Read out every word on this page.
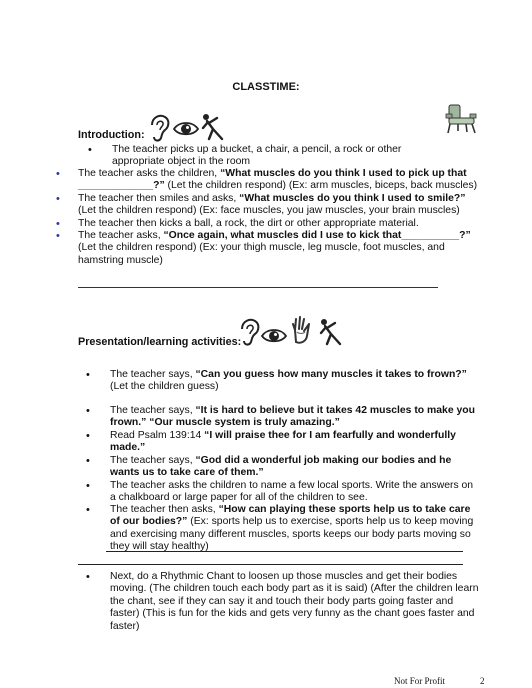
CLASSTIME:
Introduction:
• The teacher picks up a bucket, a chair, a pencil, a rock or other appropriate object in the room
• The teacher asks the children, “What muscles do you think I used to pick up that _____________?” (Let the children respond) (Ex: arm muscles, biceps, back muscles)
• The teacher then smiles and asks, “What muscles do you think I used to smile?” (Let the children respond) (Ex: face muscles, you jaw muscles, your brain muscles)
• The teacher then kicks a ball, a rock, the dirt or other appropriate material.
• The teacher asks, “Once again, what muscles did I use to kick that__________?” (Let the children respond) (Ex: your thigh muscle, leg muscle, foot muscles, and hamstring muscle)
Presentation/learning activities:
• The teacher says, “Can you guess how many muscles it takes to frown?” (Let the children guess)
• The teacher says, “It is hard to believe but it takes 42 muscles to make you frown.” “Our muscle system is truly amazing.”
• Read Psalm 139:14 “I will praise thee for I am fearfully and wonderfully made.”
• The teacher says, “God did a wonderful job making our bodies and he wants us to take care of them.”
• The teacher asks the children to name a few local sports. Write the answers on a chalkboard or large paper for all of the children to see.
• The teacher then asks, “How can playing these sports help us to take care of our bodies?” (Ex: sports help us to exercise, sports help us to keep moving and exercising many different muscles, sports keeps our body parts moving so they will stay healthy)
• Next, do a Rhythmic Chant to loosen up those muscles and get their bodies moving. (The children touch each body part as it is said) (After the children learn the chant, see if they can say it and touch their body parts going faster and faster) (This is fun for the kids and gets very funny as the chant goes faster and faster)
Not For Profit	2
